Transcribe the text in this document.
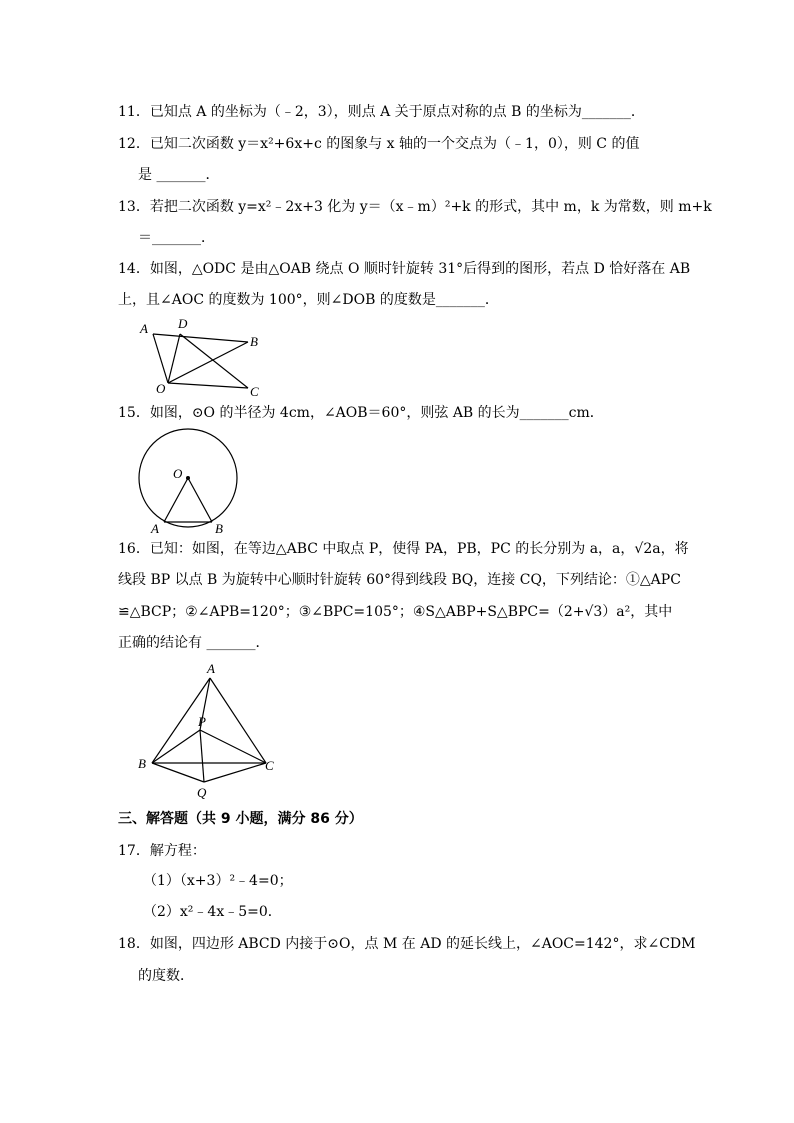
11．已知点 A 的坐标为（﹣2，3），则点 A 关于原点对称的点 B 的坐标为_______．
12．已知二次函数 y＝x²+6x+c 的图象与 x 轴的一个交点为（﹣1，0），则 C 的值
是 _______．
13．若把二次函数 y=x²﹣2x+3 化为 y＝（x﹣m）²+k 的形式，其中 m，k 为常数，则 m+k
＝_______．
14．如图，△ODC 是由△OAB 绕点 O 顺时针旋转 31°后得到的图形，若点 D 恰好落在 AB
上，且∠AOC 的度数为 100°，则∠DOB 的度数是_______．
A D
B
O	C
15．如图，⊙O 的半径为 4cm，∠AOB＝60°，则弦 AB 的长为_______cm．
O
A	B
16．已知：如图，在等边△ABC 中取点 P，使得 PA，PB，PC 的长分别为 a，a，√2a，将
线段 BP 以点 B 为旋转中心顺时针旋转 60°得到线段 BQ，连接 CQ，下列结论：①△APC
≌△BCP；②∠APB=120°；③∠BPC=105°；④S△ABP+S△BPC=（2+√3）a²，其中
正确的结论有 _______．
A
P
B	C
Q
三、解答题（共 9 小题，满分 86 分）
17．解方程：
（1）（x+3）²﹣4=0；
（2）x²﹣4x﹣5=0．
18．如图，四边形 ABCD 内接于⊙O，点 M 在 AD 的延长线上，∠AOC=142°，求∠CDM
的度数．
